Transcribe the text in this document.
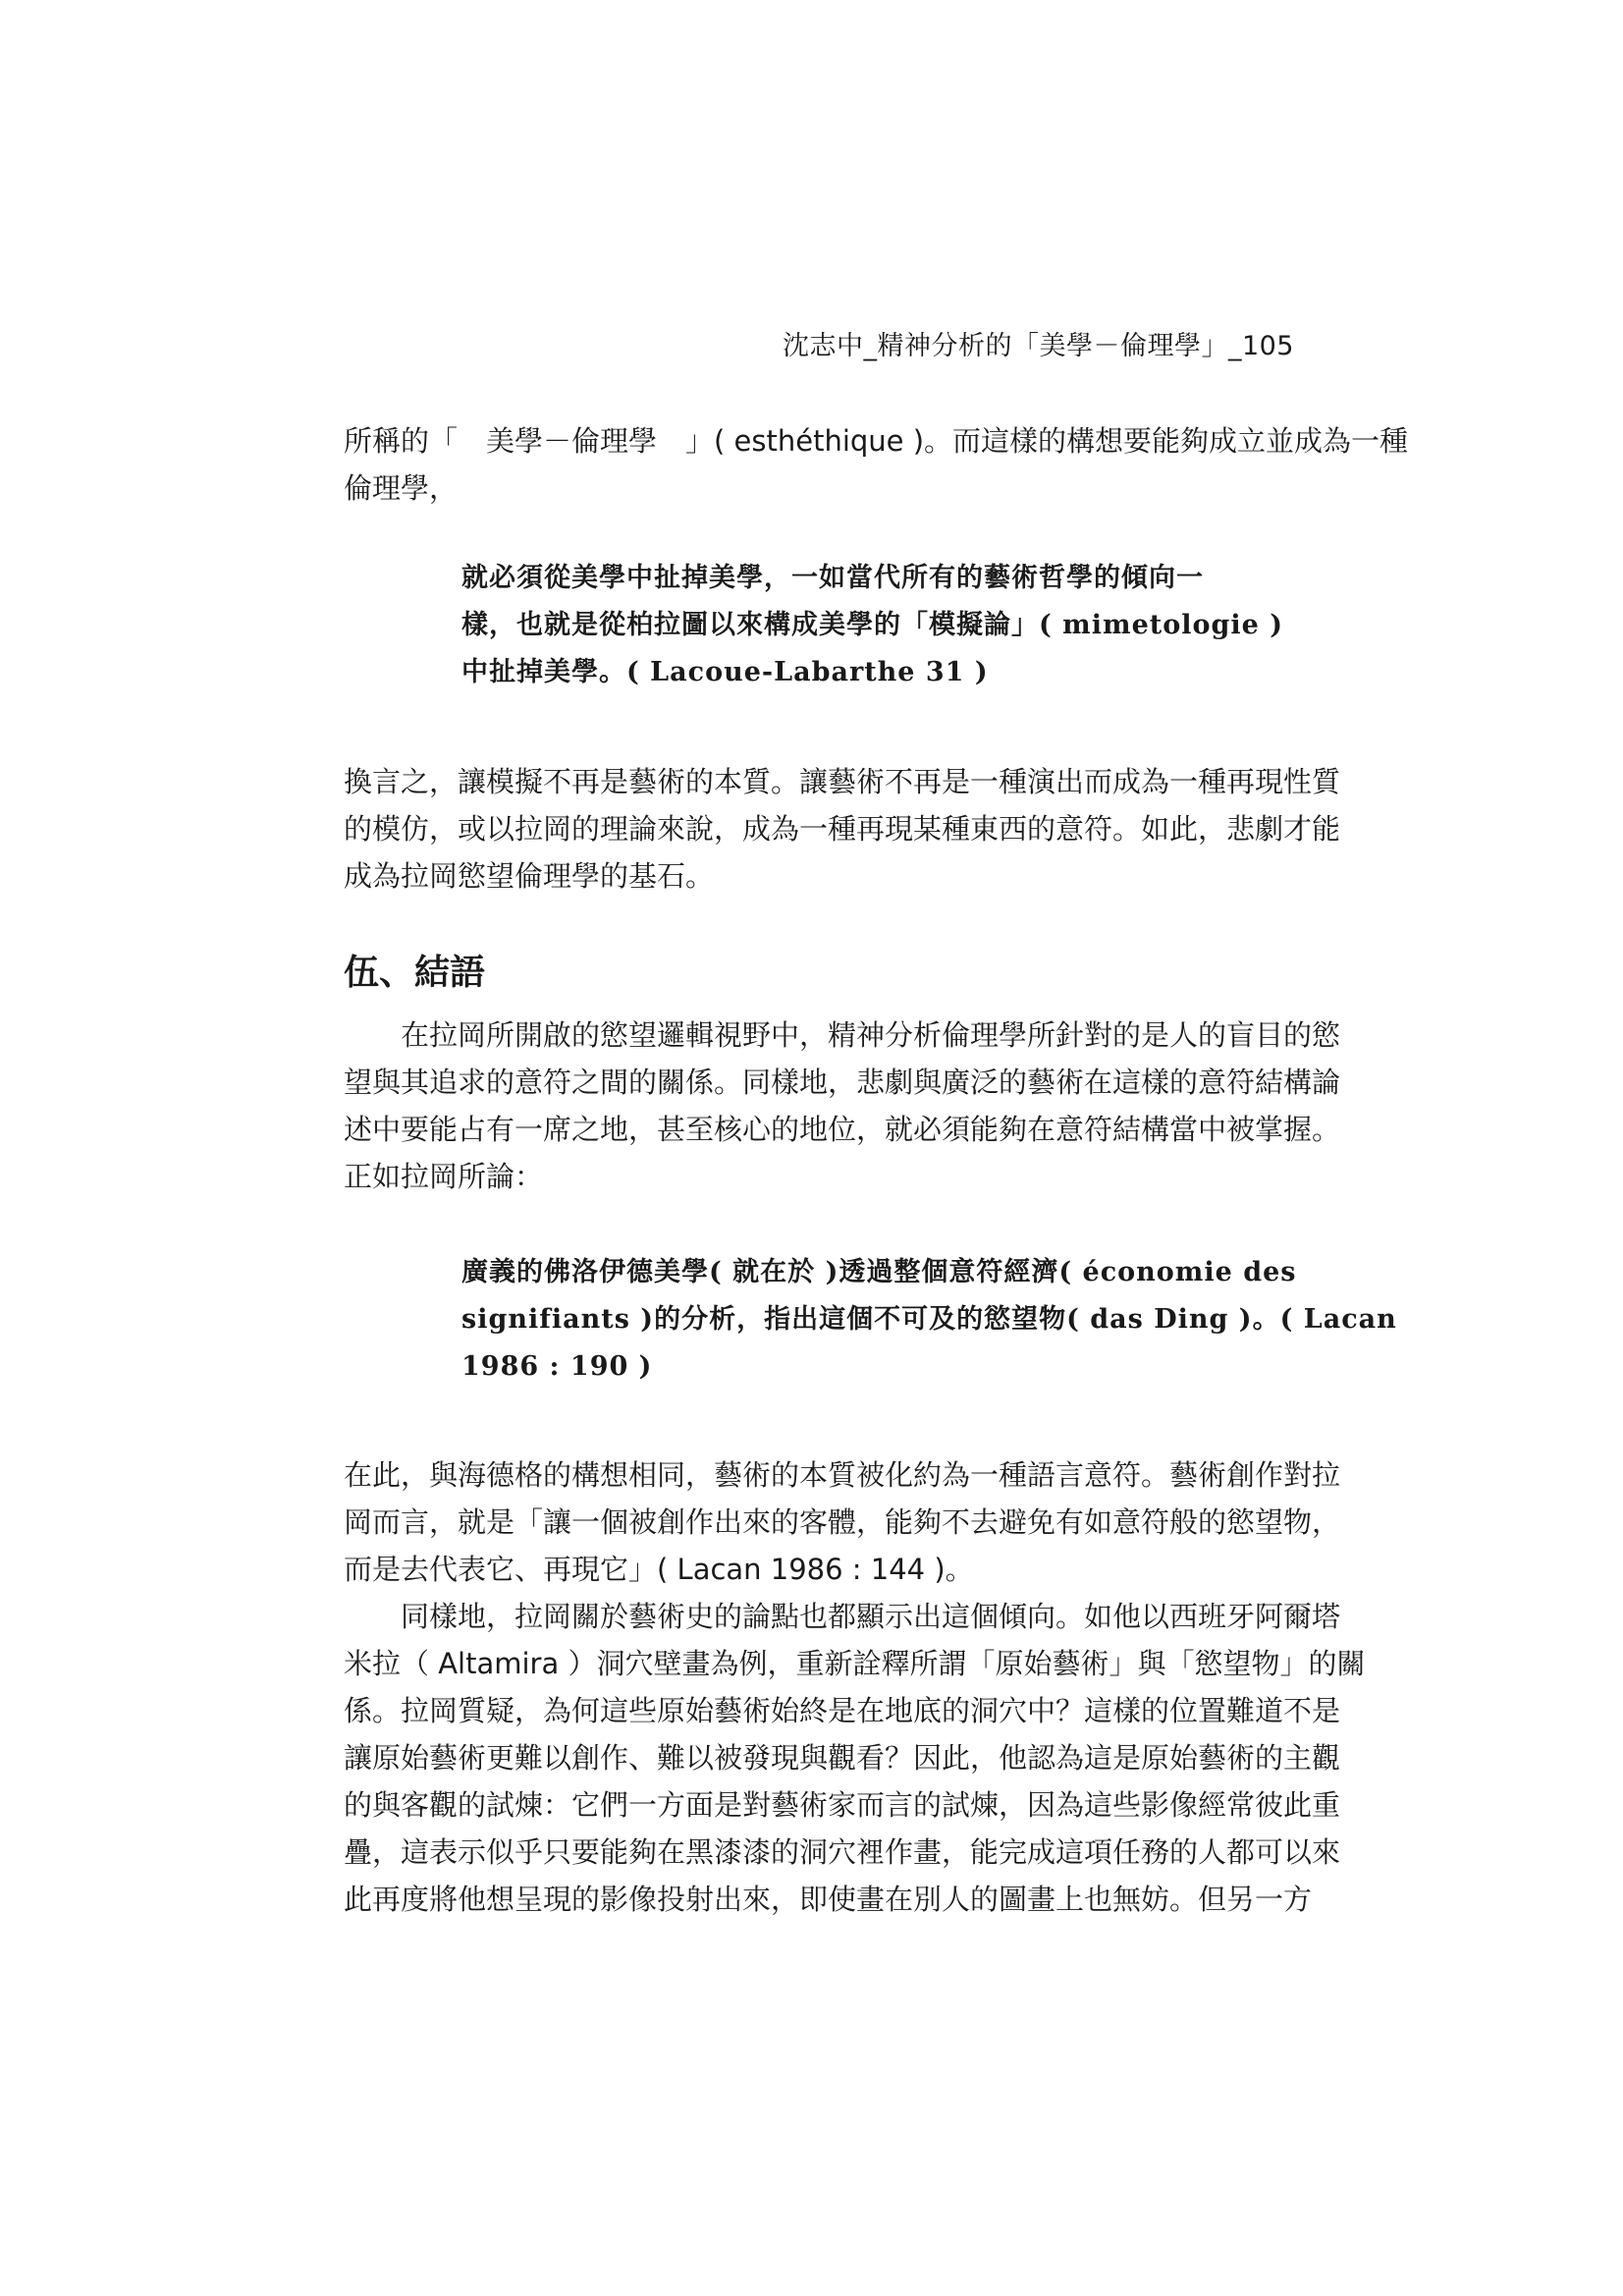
沈志中_精神分析的「美學－倫理學」_105
所稱的「　美學－倫理學　」( esthéthique )。而這樣的構想要能夠成立並成為一種
倫理學，
就必須從美學中扯掉美學，一如當代所有的藝術哲學的傾向一
樣，也就是從柏拉圖以來構成美學的「模擬論」( mimetologie )
中扯掉美學。( Lacoue-Labarthe 31 )
換言之，讓模擬不再是藝術的本質。讓藝術不再是一種演出而成為一種再現性質
的模仿，或以拉岡的理論來說，成為一種再現某種東西的意符。如此，悲劇才能
成為拉岡慾望倫理學的基石。
伍、結語
在拉岡所開啟的慾望邏輯視野中，精神分析倫理學所針對的是人的盲目的慾
望與其追求的意符之間的關係。同樣地，悲劇與廣泛的藝術在這樣的意符結構論
述中要能占有一席之地，甚至核心的地位，就必須能夠在意符結構當中被掌握。
正如拉岡所論：
廣義的佛洛伊德美學( 就在於 )透過整個意符經濟( économie des
signifiants )的分析，指出這個不可及的慾望物( das Ding )。( Lacan
1986 : 190 )
在此，與海德格的構想相同，藝術的本質被化約為一種語言意符。藝術創作對拉
岡而言，就是「讓一個被創作出來的客體，能夠不去避免有如意符般的慾望物，
而是去代表它、再現它」( Lacan 1986 : 144 )。
同樣地，拉岡關於藝術史的論點也都顯示出這個傾向。如他以西班牙阿爾塔
米拉（ Altamira ）洞穴壁畫為例，重新詮釋所謂「原始藝術」與「慾望物」的關
係。拉岡質疑，為何這些原始藝術始終是在地底的洞穴中？這樣的位置難道不是
讓原始藝術更難以創作、難以被發現與觀看？因此，他認為這是原始藝術的主觀
的與客觀的試煉：它們一方面是對藝術家而言的試煉，因為這些影像經常彼此重
疊，這表示似乎只要能夠在黑漆漆的洞穴裡作畫，能完成這項任務的人都可以來
此再度將他想呈現的影像投射出來，即使畫在別人的圖畫上也無妨。但另一方
